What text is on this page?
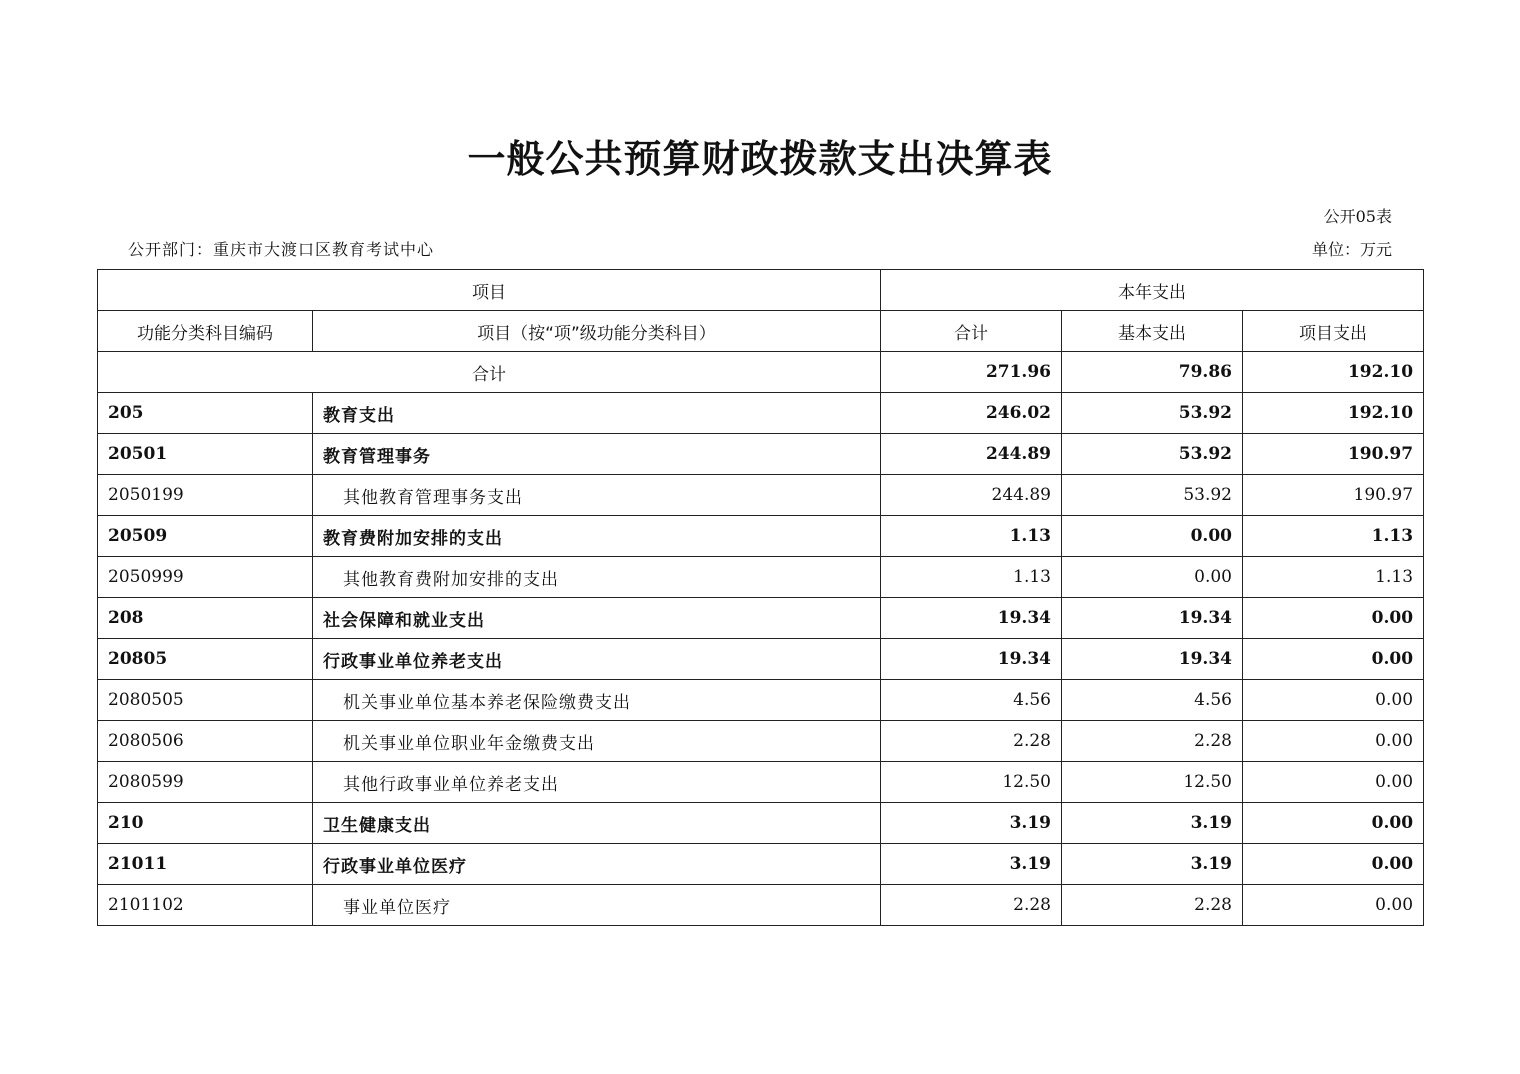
一般公共预算财政拨款支出决算表
公开05表
公开部门：重庆市大渡口区教育考试中心	单位：万元
项目		本年支出		
功能分类科目编码	项目（按“项”级功能分类科目）	合计	基本支出	项目支出
合计		271.96	79.86	192.10
205	教育支出	246.02	53.92	192.10
20501	教育管理事务	244.89	53.92	190.97
2050199	其他教育管理事务支出	244.89	53.92	190.97
20509	教育费附加安排的支出	1.13	0.00	1.13
2050999	其他教育费附加安排的支出	1.13	0.00	1.13
208	社会保障和就业支出	19.34	19.34	0.00
20805	行政事业单位养老支出	19.34	19.34	0.00
2080505	机关事业单位基本养老保险缴费支出	4.56	4.56	0.00
2080506	机关事业单位职业年金缴费支出	2.28	2.28	0.00
2080599	其他行政事业单位养老支出	12.50	12.50	0.00
210	卫生健康支出	3.19	3.19	0.00
21011	行政事业单位医疗	3.19	3.19	0.00
2101102	事业单位医疗	2.28	2.28	0.00
